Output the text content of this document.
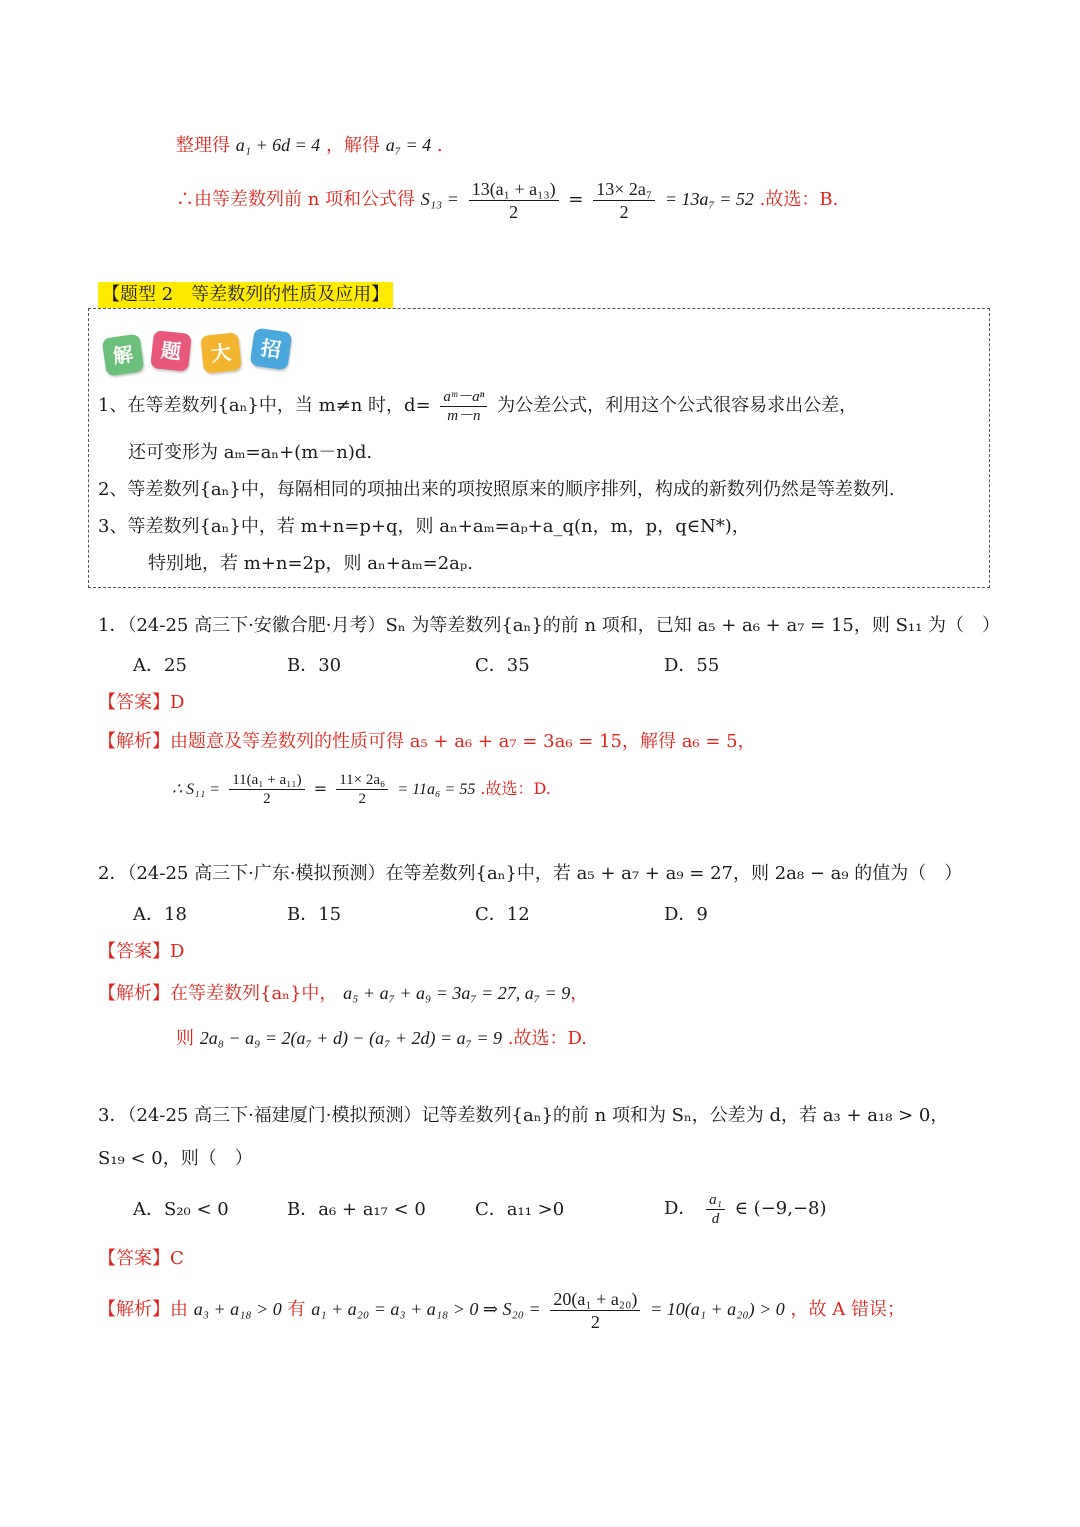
整理得 a₁ + 6d = 4 ，解得 a₇ = 4 .
∴由等差数列前 n 项和公式得 $S_{13} = \frac{\text{13(a₁ + a₁₃)}}{2} = \frac{\text{13× 2a₇}}{2} = 13a_7 = 52$ .故选：B.
【题型 2　等差数列的性质及应用】
解	题	大	招
1、在等差数列{aₙ}中，当 m≠n 时，$d= \frac{\text{aᵐ－aⁿ}}{m-n}$ 为公差公式，利用这个公式很容易求出公差，
还可变形为 aₘ=aₙ+(m－n)d.
2、等差数列{aₙ}中，每隔相同的项抽出来的项按照原来的顺序排列，构成的新数列仍然是等差数列.
3、等差数列{aₙ}中，若 m+n=p+q，则 aₙ+aₘ=aₚ+a_q(n，m，p，q∈N*)，
特别地，若 m+n=2p，则 aₙ+aₘ=2aₚ.
1．（24-25 高三下·安徽合肥·月考）Sₙ 为等差数列{aₙ}的前 n 项和，已知 a₅ + a₆ + a₇ = 15，则 S₁₁ 为（　）
A．25	B．30	C．35	D．55
【答案】D
【解析】由题意及等差数列的性质可得 a₅ + a₆ + a₇ = 3a₆ = 15，解得 a₆ = 5，
∴ $S_{11} = \frac{\text{11(a₁ + a₁₁)}}{2} = \frac{\text{11× 2a₆}}{2} = 11a_6 = 55$ .故选：D.
2．（24-25 高三下·广东·模拟预测）在等差数列{aₙ}中，若 a₅ + a₇ + a₉ = 27，则 2a₈ − a₉ 的值为（　）
A．18	B．15	C．12	D．9
【答案】D
【解析】在等差数列{aₙ}中， a₅ + a₇ + a₉ = 3a₇ = 27, a₇ = 9，
则 2a₈ − a₉ = 2(a₇ + d) − (a₇ + 2d) = a₇ = 9 .故选：D.
3．（24-25 高三下·福建厦门·模拟预测）记等差数列{aₙ}的前 n 项和为 Sₙ，公差为 d，若 a₃ + a₁₈ > 0，
S₁₉ < 0，则（　）
A．S₂₀ < 0	B．a₆ + a₁₇ < 0	C．a₁₁ >0	D． $\frac{\text{a₁}}{d}$ ∈ (−9,−8)
【答案】C
【解析】由 a₃ + a₁₈ > 0 有 a₁ + a₂₀ = a₃ + a₁₈ > 0 ⇒ $S_{20} = \frac{\text{20(a₁ + a₂₀)}}{2} = 10(a_1 + a_{20}) > 0$ ，故 A 错误；
